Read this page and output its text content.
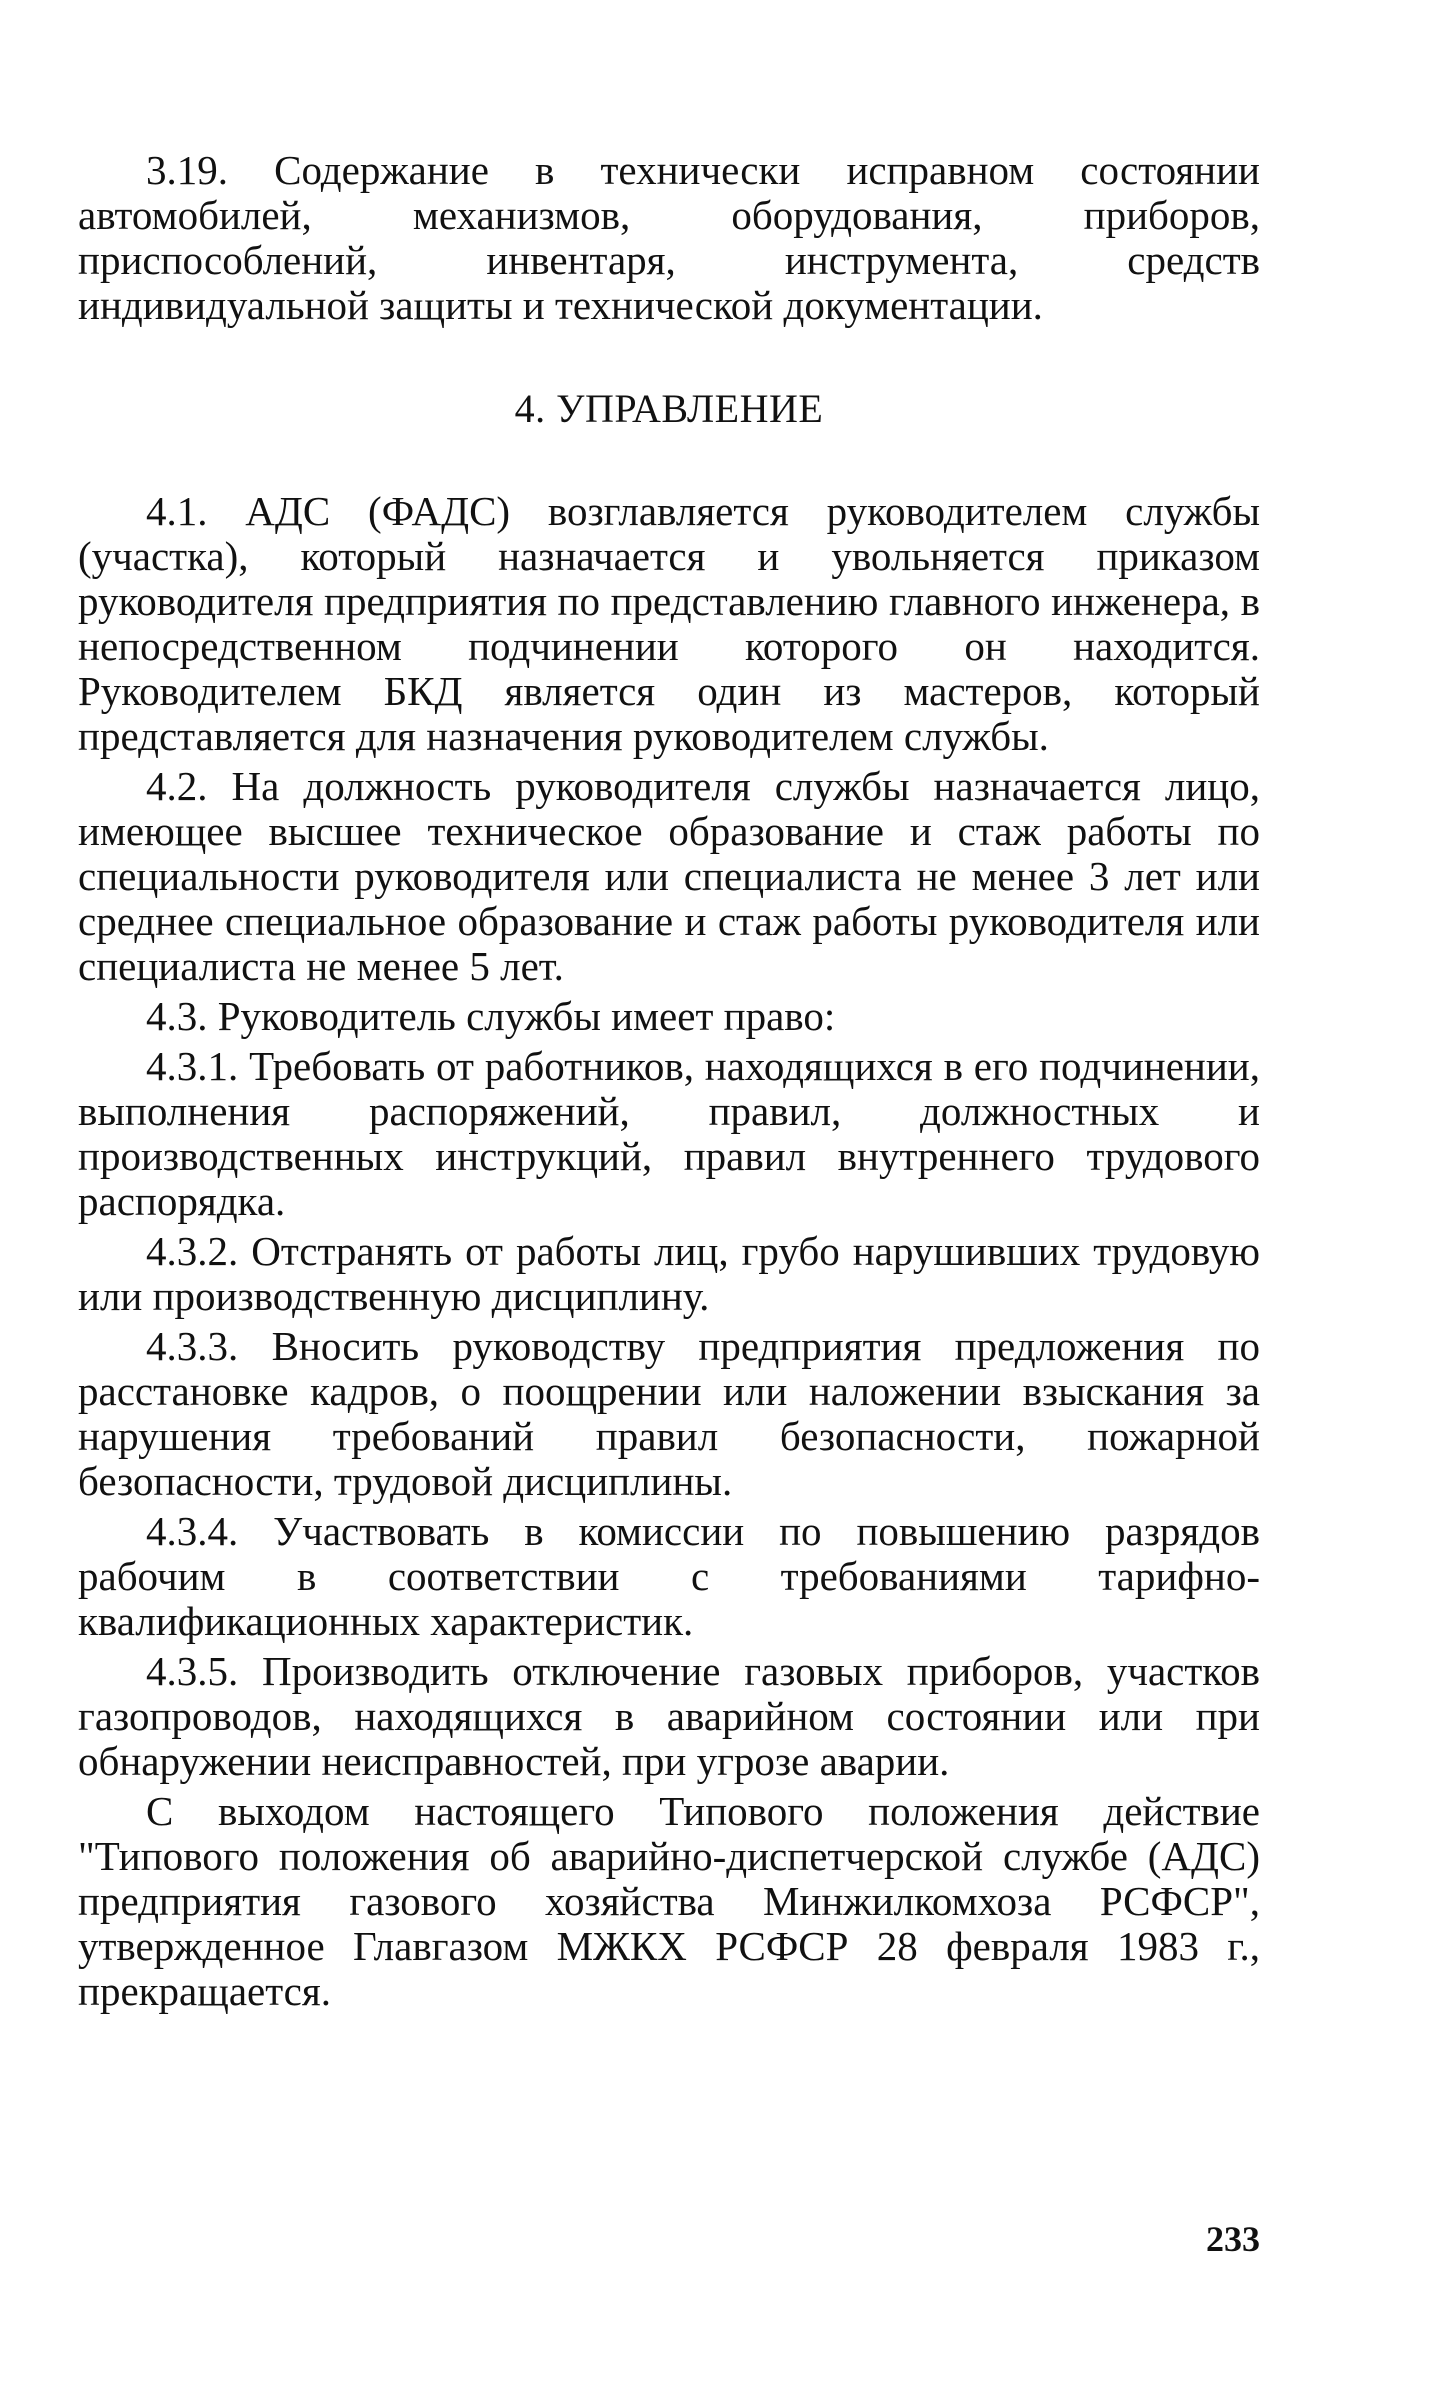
3.19. Содержание в технически исправном состоянии автомобилей, механизмов, оборудования, приборов, приспособлений, инвентаря, инструмента, средств индивидуальной защиты и технической документации.

4. УПРАВЛЕНИЕ

4.1. АДС (ФАДС) возглавляется руководителем службы (участка), который назначается и увольняется приказом руководителя предприятия по представлению главного инженера, в непосредственном подчинении которого он находится. Руководителем БКД является один из мастеров, который представляется для назначения руководителем службы.

4.2. На должность руководителя службы назначается лицо, имеющее высшее техническое образование и стаж работы по специальности руководителя или специалиста не менее 3 лет или среднее специальное образование и стаж работы руководителя или специалиста не менее 5 лет.

4.3. Руководитель службы имеет право:

4.3.1. Требовать от работников, находящихся в его подчинении, выполнения распоряжений, правил, должностных и производственных инструкций, правил внутреннего трудового распорядка.

4.3.2. Отстранять от работы лиц, грубо нарушивших трудовую или производственную дисциплину.

4.3.3. Вносить руководству предприятия предложения по расстановке кадров, о поощрении или наложении взыскания за нарушения требований правил безопасности, пожарной безопасности, трудовой дисциплины.

4.3.4. Участвовать в комиссии по повышению разрядов рабочим в соответствии с требованиями тарифно-квалификационных характеристик.

4.3.5. Производить отключение газовых приборов, участков газопроводов, находящихся в аварийном состоянии или при обнаружении неисправностей, при угрозе аварии.

С выходом настоящего Типового положения действие "Типового положения об аварийно-диспетчерской службе (АДС) предприятия газового хозяйства Минжилкомхоза РСФСР", утвержденное Главгазом МЖКХ РСФСР 28 февраля 1983 г., прекращается.

233
